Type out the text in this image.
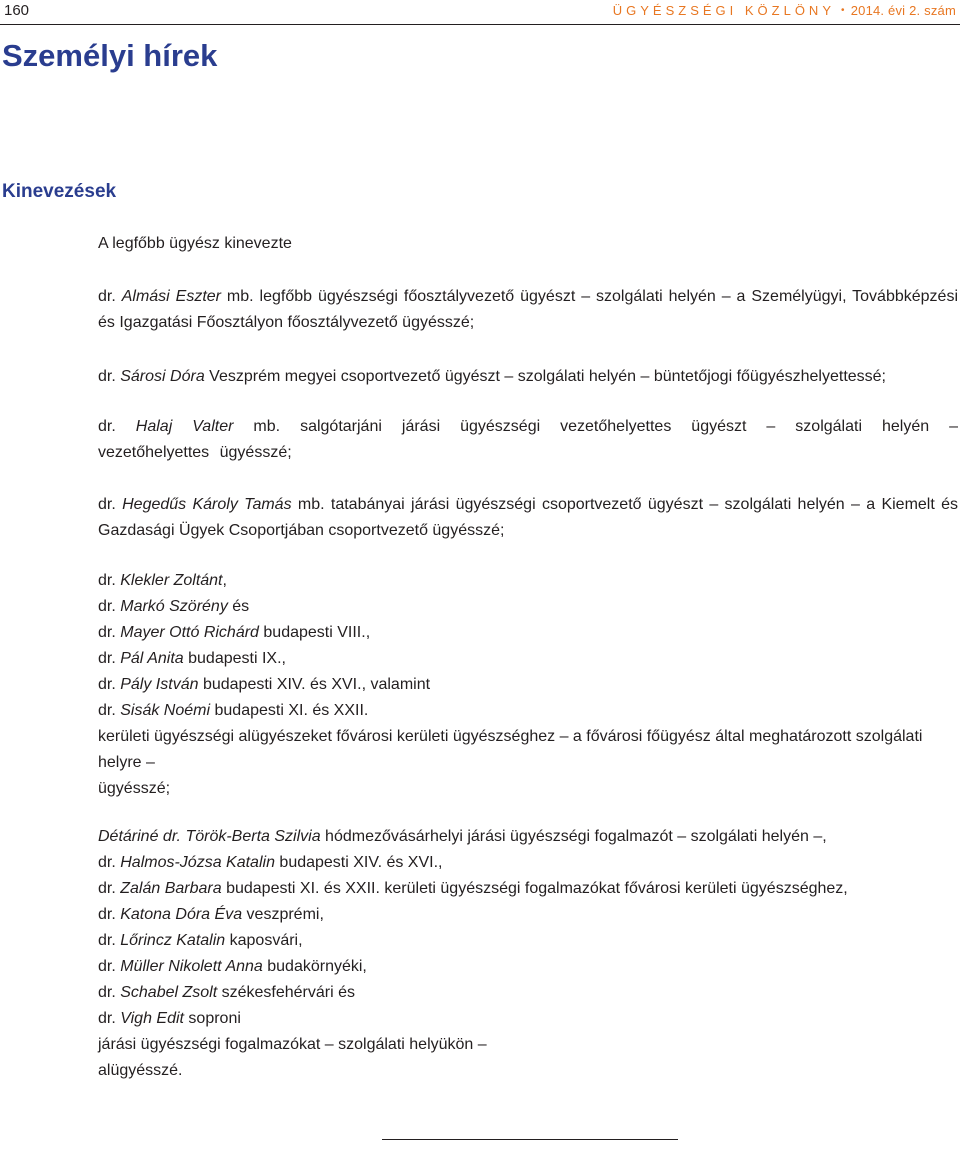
160	ÜGYÉSZSÉGI KÖZLÖNY • 2014. évi 2. szám
Személyi hírek
Kinevezések

A legfőbb ügyész kinevezte

dr. Almási Eszter mb. legfőbb ügyészségi főosztályvezető ügyészt – szolgálati helyén – a Személyügyi, Továbbképzési és Igazgatási Főosztályon főosztályvezető ügyésszé;

dr. Sárosi Dóra Veszprém megyei csoportvezető ügyészt – szolgálati helyén – büntetőjogi főügyészhelyettessé;

dr. Halaj Valter mb. salgótarjáni járási ügyészségi vezetőhelyettes ügyészt – szolgálati helyén – vezetőhelyettes ügyésszé;

dr. Hegedűs Károly Tamás mb. tatabányai járási ügyészségi csoportvezető ügyészt – szolgálati helyén – a Kiemelt és Gazdasági Ügyek Csoportjában csoportvezető ügyésszé;

dr. Klekler Zoltánt,
dr. Markó Szörény és
dr. Mayer Ottó Richárd budapesti VIII.,
dr. Pál Anita budapesti IX.,
dr. Pály István budapesti XIV. és XVI., valamint
dr. Sisák Noémi budapesti XI. és XXII.
kerületi ügyészségi alügyészeket fővárosi kerületi ügyészséghez – a fővárosi főügyész által meghatározott szolgálati helyre –
ügyésszé;
Détáriné dr. Török-Berta Szilvia hódmezővásárhelyi járási ügyészségi fogalmazót – szolgálati helyén –,
dr. Halmos-Józsa Katalin budapesti XIV. és XVI.,
dr. Zalán Barbara budapesti XI. és XXII. kerületi ügyészségi fogalmazókat fővárosi kerületi ügyészséghez,
dr. Katona Dóra Éva veszprémi,
dr. Lőrincz Katalin kaposvári,
dr. Müller Nikolett Anna budakörnyéki,
dr. Schabel Zsolt székesfehérvári és
dr. Vigh Edit soproni
járási ügyészségi fogalmazókat – szolgálati helyükön –
alügyésszé.
